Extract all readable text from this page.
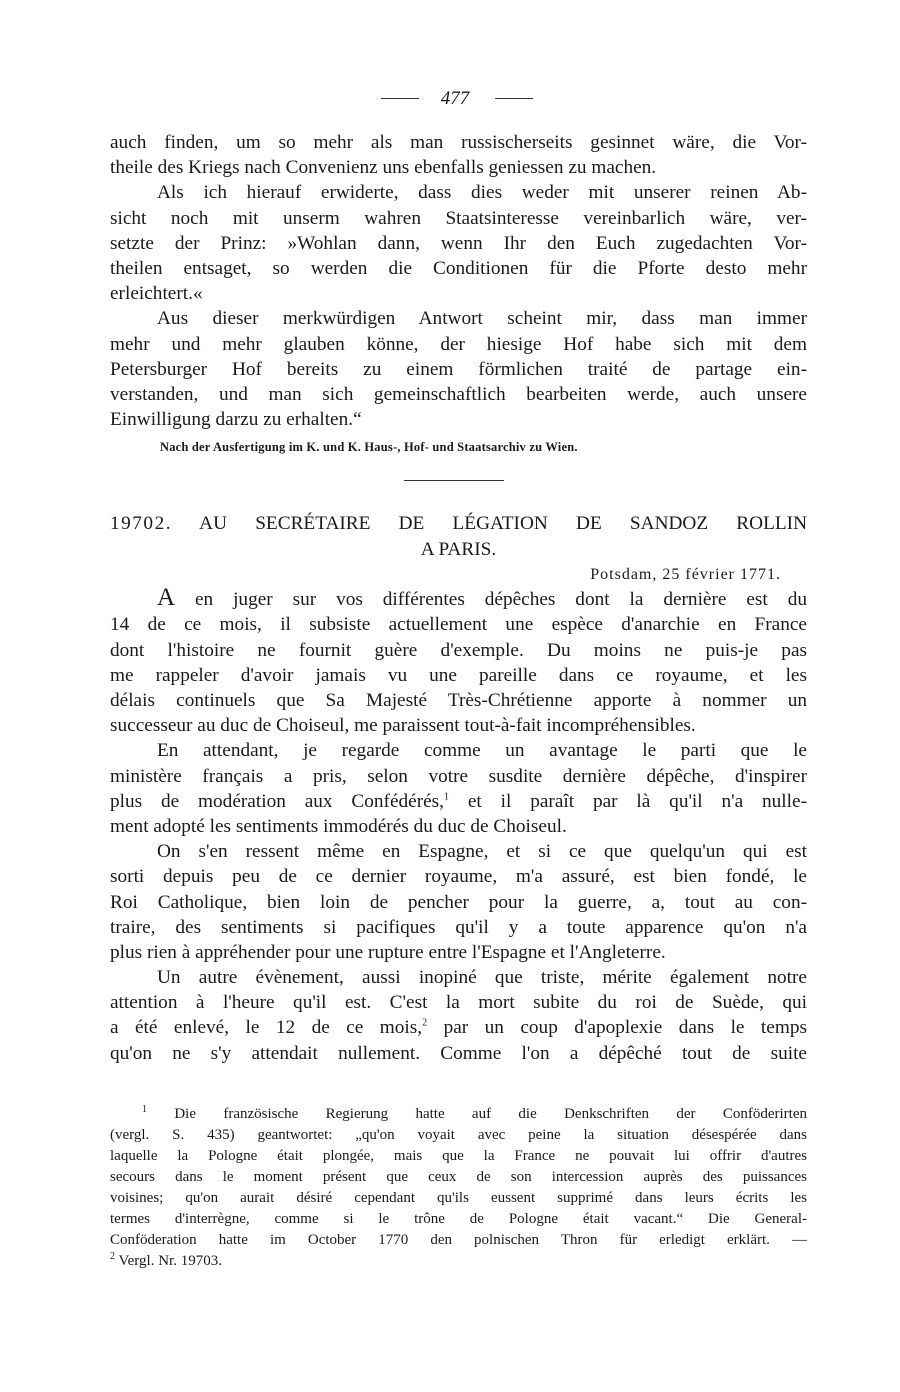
477
auch finden, um so mehr als man russischerseits gesinnet wäre, die Vor-
theile des Kriegs nach Convenienz uns ebenfalls geniessen zu machen.
Als ich hierauf erwiderte, dass dies weder mit unserer reinen Ab-
sicht noch mit unserm wahren Staatsinteresse vereinbarlich wäre, ver-
setzte der Prinz: »Wohlan dann, wenn Ihr den Euch zugedachten Vor-
theilen entsaget, so werden die Conditionen für die Pforte desto mehr
erleichtert.«
Aus dieser merkwürdigen Antwort scheint mir, dass man immer
mehr und mehr glauben könne, der hiesige Hof habe sich mit dem
Petersburger Hof bereits zu einem förmlichen traité de partage ein-
verstanden, und man sich gemeinschaftlich bearbeiten werde, auch unsere
Einwilligung darzu zu erhalten.“
Nach der Ausfertigung im K. und K. Haus-, Hof- und Staatsarchiv zu Wien.
19702. AU SECRÉTAIRE DE LÉGATION DE SANDOZ ROLLIN
A PARIS.
Potsdam, 25 février 1771.
A en juger sur vos différentes dépêches dont la dernière est du
14 de ce mois, il subsiste actuellement une espèce d'anarchie en France
dont l'histoire ne fournit guère d'exemple. Du moins ne puis-je pas
me rappeler d'avoir jamais vu une pareille dans ce royaume, et les
délais continuels que Sa Majesté Très-Chrétienne apporte à nommer un
successeur au duc de Choiseul, me paraissent tout-à-fait incompréhensibles.
En attendant, je regarde comme un avantage le parti que le
ministère français a pris, selon votre susdite dernière dépêche, d'inspirer
plus de modération aux Confédérés,$^1$ et il paraît par là qu'il n'a nulle-
ment adopté les sentiments immodérés du duc de Choiseul.
On s'en ressent même en Espagne, et si ce que quelqu'un qui est
sorti depuis peu de ce dernier royaume, m'a assuré, est bien fondé, le
Roi Catholique, bien loin de pencher pour la guerre, a, tout au con-
traire, des sentiments si pacifiques qu'il y a toute apparence qu'on n'a
plus rien à appréhender pour une rupture entre l'Espagne et l'Angleterre.
Un autre évènement, aussi inopiné que triste, mérite également notre
attention à l'heure qu'il est. C'est la mort subite du roi de Suède, qui
a été enlevé, le 12 de ce mois,$^2$ par un coup d'apoplexie dans le temps
qu'on ne s'y attendait nullement. Comme l'on a dépêché tout de suite
$^1$ Die französische Regierung hatte auf die Denkschriften der Conföderirten
(vergl. S. 435) geantwortet: „qu'on voyait avec peine la situation désespérée dans
laquelle la Pologne était plongée, mais que la France ne pouvait lui offrir d'autres
secours dans le moment présent que ceux de son intercession auprès des puissances
voisines; qu'on aurait désiré cependant qu'ils eussent supprimé dans leurs écrits les
termes d'interrègne, comme si le trône de Pologne était vacant.“ Die General-
Conföderation hatte im October 1770 den polnischen Thron für erledigt erklärt. —
$^2$ Vergl. Nr. 19703.
